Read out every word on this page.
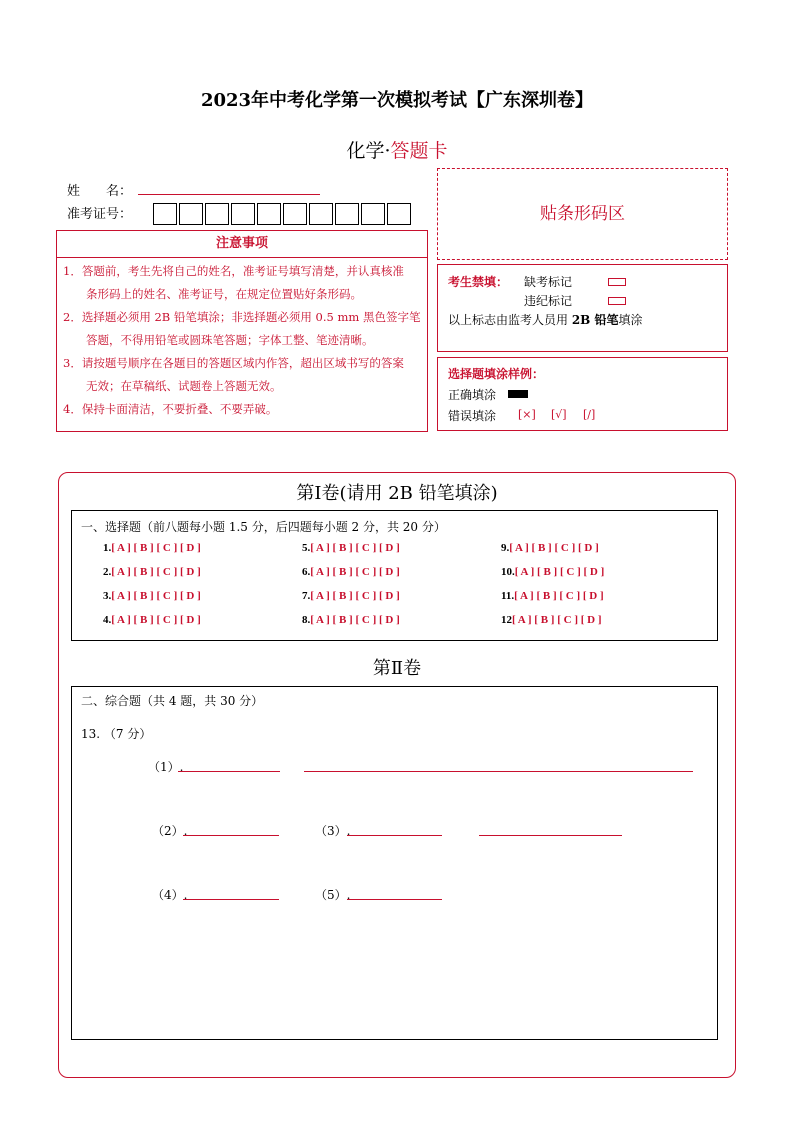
2023年中考化学第一次模拟考试【广东深圳卷】
化学·答题卡
姓　　名：
准考证号：
注意事项
1．答题前，考生先将自己的姓名，准考证号填写清楚，并认真核准
　　条形码上的姓名、准考证号，在规定位置贴好条形码。
2．选择题必须用 2B 铅笔填涂；非选择题必须用 0.5 mm 黑色签字笔
　　答题，不得用铅笔或圆珠笔答题；字体工整、笔迹清晰。
3．请按题号顺序在各题目的答题区域内作答，超出区域书写的答案
　　无效；在草稿纸、试题卷上答题无效。
4．保持卡面清洁，不要折叠、不要弄破。
贴条形码区
考生禁填： 缺考标记
违纪标记
以上标志由监考人员用 2B 铅笔填涂
选择题填涂样例：
正确填涂
错误填涂 [×] [√] [/]
第Ⅰ卷(请用 2B 铅笔填涂)
一、选择题（前八题每小题 1.5 分，后四题每小题 2 分，共 20 分）
1.[ A ] [ B ] [ C ] [ D ]
2.[ A ] [ B ] [ C ] [ D ]
3.[ A ] [ B ] [ C ] [ D ]
4.[ A ] [ B ] [ C ] [ D ]
5.[ A ] [ B ] [ C ] [ D ]
6.[ A ] [ B ] [ C ] [ D ]
7.[ A ] [ B ] [ C ] [ D ]
8.[ A ] [ B ] [ C ] [ D ]
9.[ A ] [ B ] [ C ] [ D ]
10.[ A ] [ B ] [ C ] [ D ]
11.[ A ] [ B ] [ C ] [ D ]
12[ A ] [ B ] [ C ] [ D ]
第Ⅱ卷
二、综合题（共 4 题，共 30 分）
13. （7 分）
（1）.
（2）.	（3）.
（4）.	（5）.
